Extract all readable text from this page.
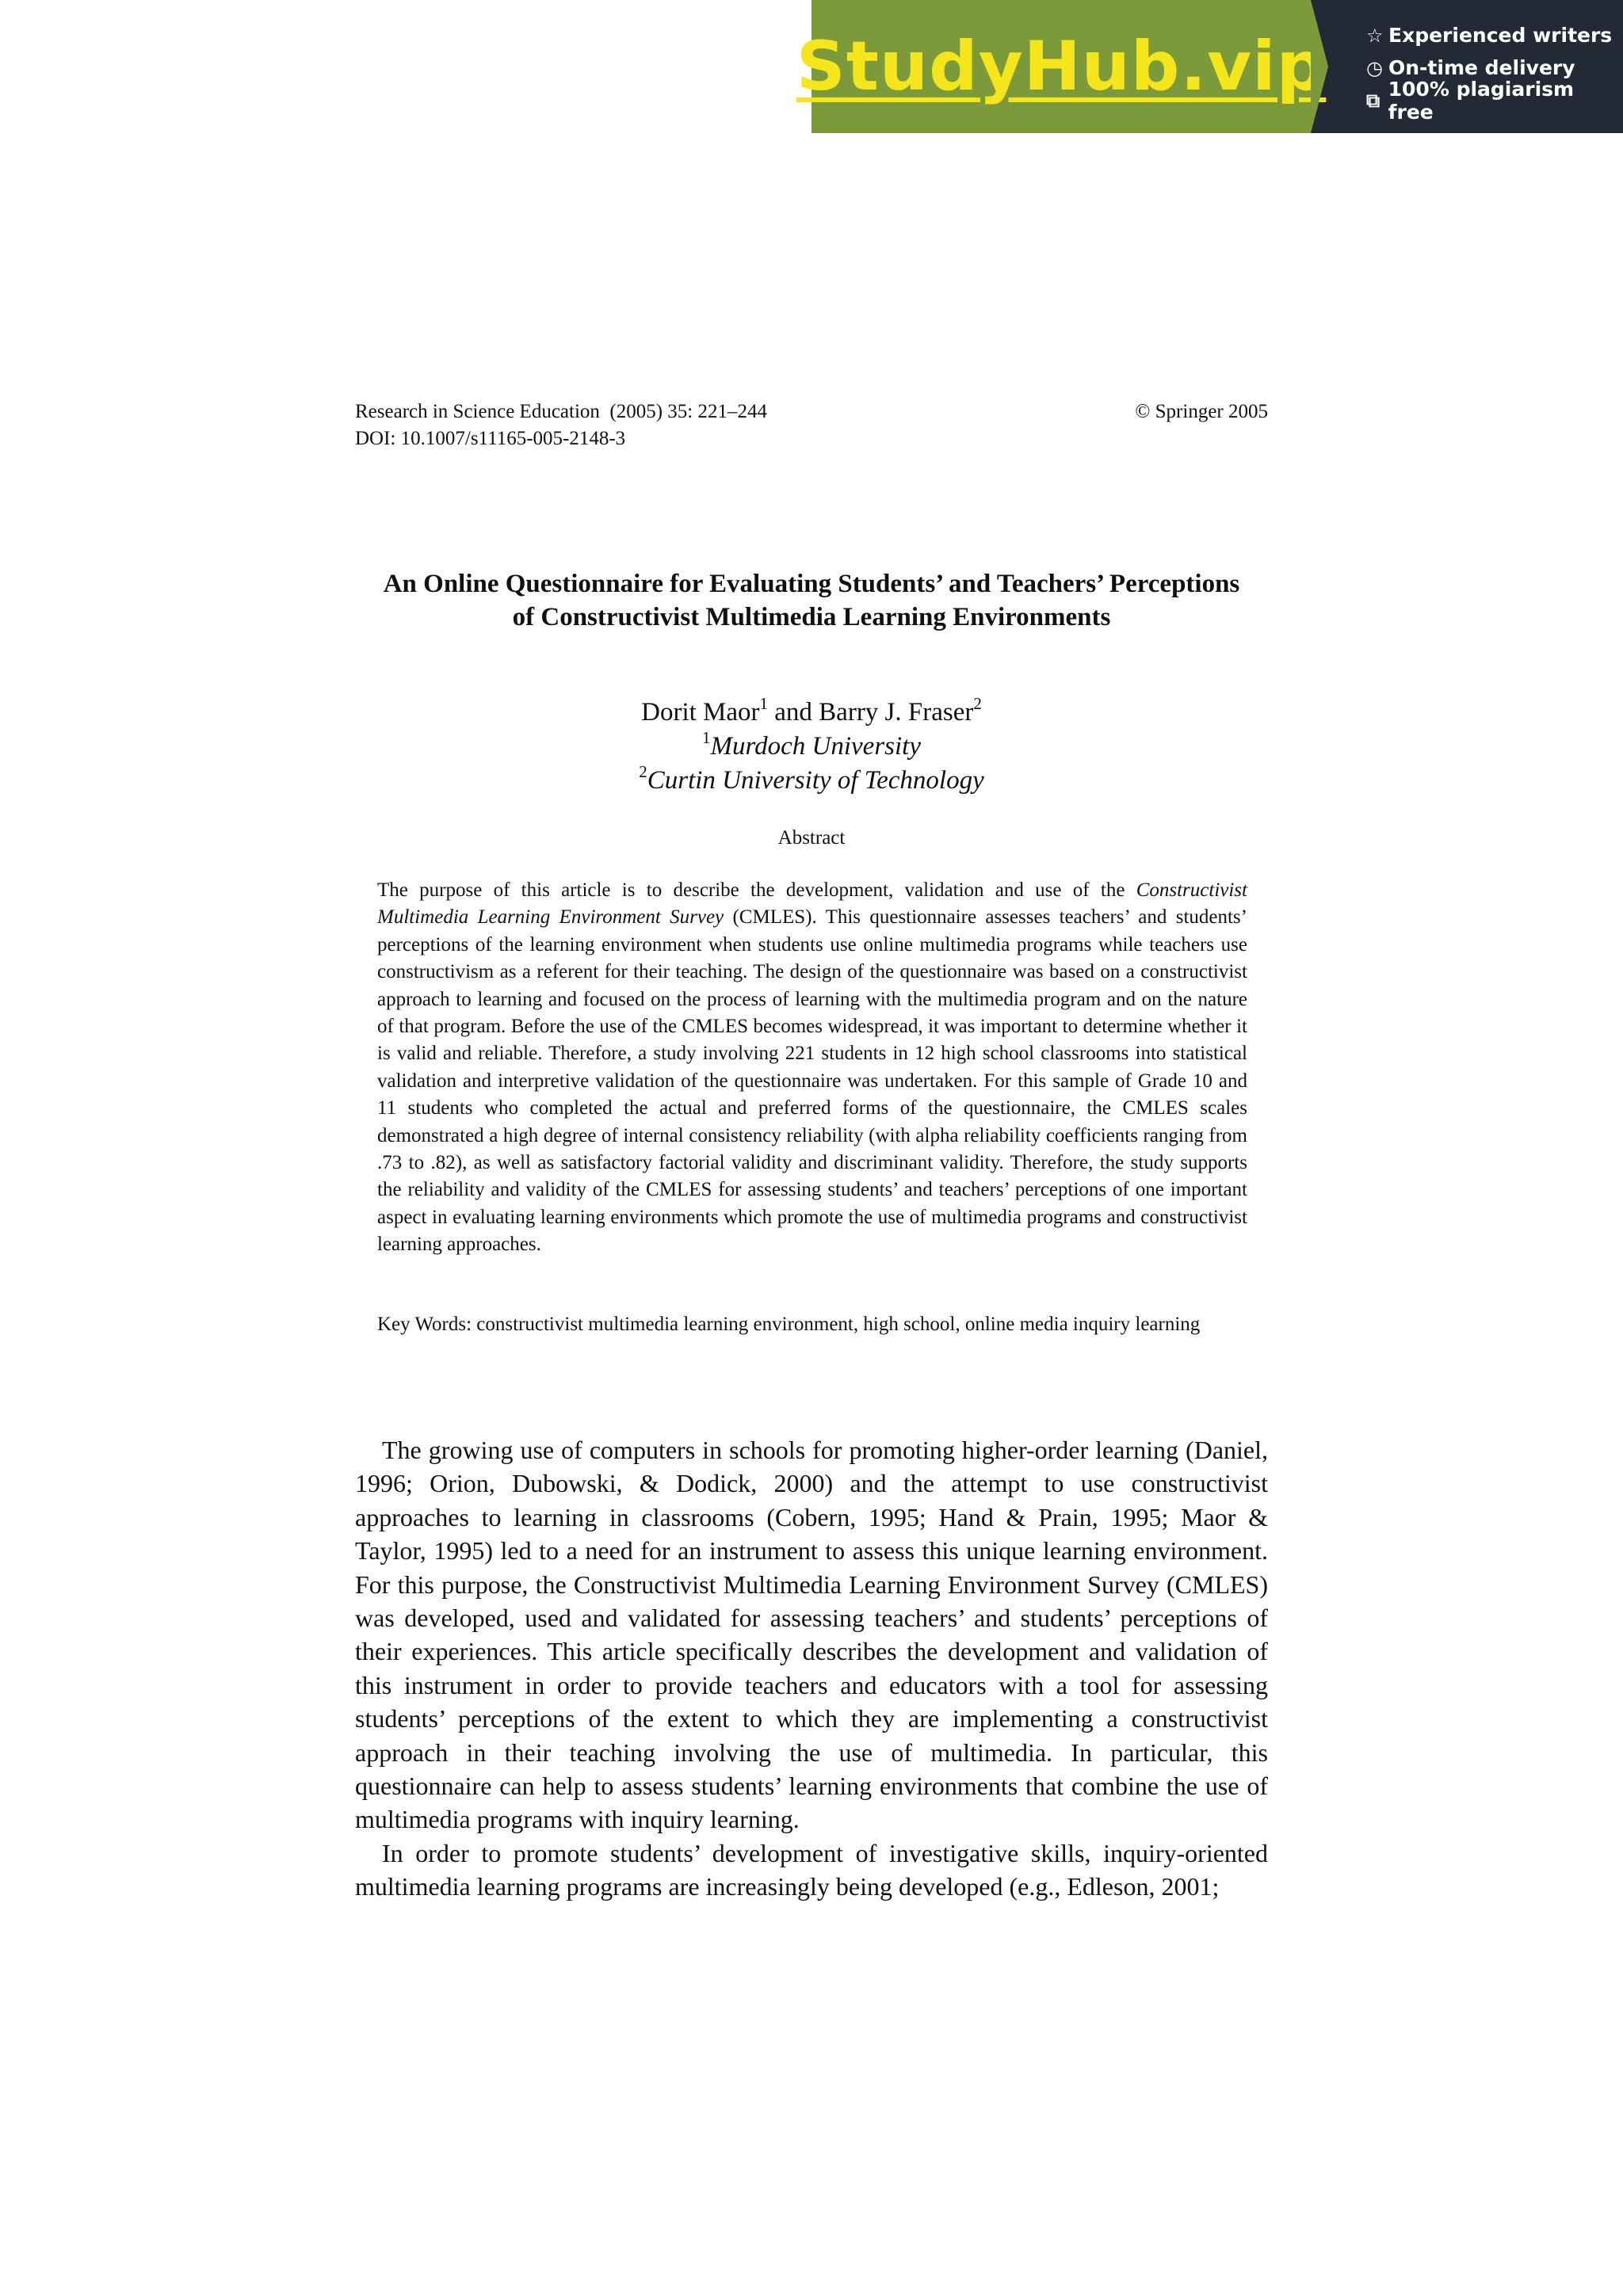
StudyHub.vip ☆ Experienced writers
◷ On-time delivery
⧉ 100% plagiarism free
Research in Science Education  (2005) 35: 221–244	© Springer 2005
DOI: 10.1007/s11165-005-2148-3
An Online Questionnaire for Evaluating Students’ and Teachers’ Perceptions
of Constructivist Multimedia Learning Environments
Dorit Maor$^1$ and Barry J. Fraser$^2$
$^1$Murdoch University
$^2$Curtin University of Technology
Abstract

The purpose of this article is to describe the development, validation and use of the Constructivist Multimedia Learning Environment Survey (CMLES). This questionnaire assesses teachers’ and students’ perceptions of the learning environment when students use online multimedia programs while teachers use constructivism as a referent for their teaching. The design of the questionnaire was based on a constructivist approach to learning and focused on the process of learning with the multimedia program and on the nature of that program. Before the use of the CMLES becomes widespread, it was important to determine whether it is valid and reliable. Therefore, a study involving 221 students in 12 high school classrooms into statistical validation and interpretive validation of the questionnaire was undertaken. For this sample of Grade 10 and 11 students who completed the actual and preferred forms of the questionnaire, the CMLES scales demonstrated a high degree of internal consistency reliability (with alpha reliability coefficients ranging from .73 to .82), as well as satisfactory factorial validity and discriminant validity. Therefore, the study supports the reliability and validity of the CMLES for assessing students’ and teachers’ perceptions of one important aspect in evaluating learning environments which promote the use of multimedia programs and constructivist learning approaches.

Key Words: constructivist multimedia learning environment, high school, online media inquiry learning

The growing use of computers in schools for promoting higher-order learning (Daniel, 1996; Orion, Dubowski, & Dodick, 2000) and the attempt to use constructivist approaches to learning in classrooms (Cobern, 1995; Hand & Prain, 1995; Maor & Taylor, 1995) led to a need for an instrument to assess this unique learning environment. For this purpose, the Constructivist Multimedia Learning Environment Survey (CMLES) was developed, used and validated for assessing teachers’ and students’ perceptions of their experiences. This article specifically describes the development and validation of this instrument in order to provide teachers and educators with a tool for assessing students’ perceptions of the extent to which they are implementing a constructivist approach in their teaching involving the use of multimedia. In particular, this questionnaire can help to assess students’ learning environments that combine the use of multimedia programs with inquiry learning.

In order to promote students’ development of investigative skills, inquiry-oriented multimedia learning programs are increasingly being developed (e.g., Edleson, 2001;
